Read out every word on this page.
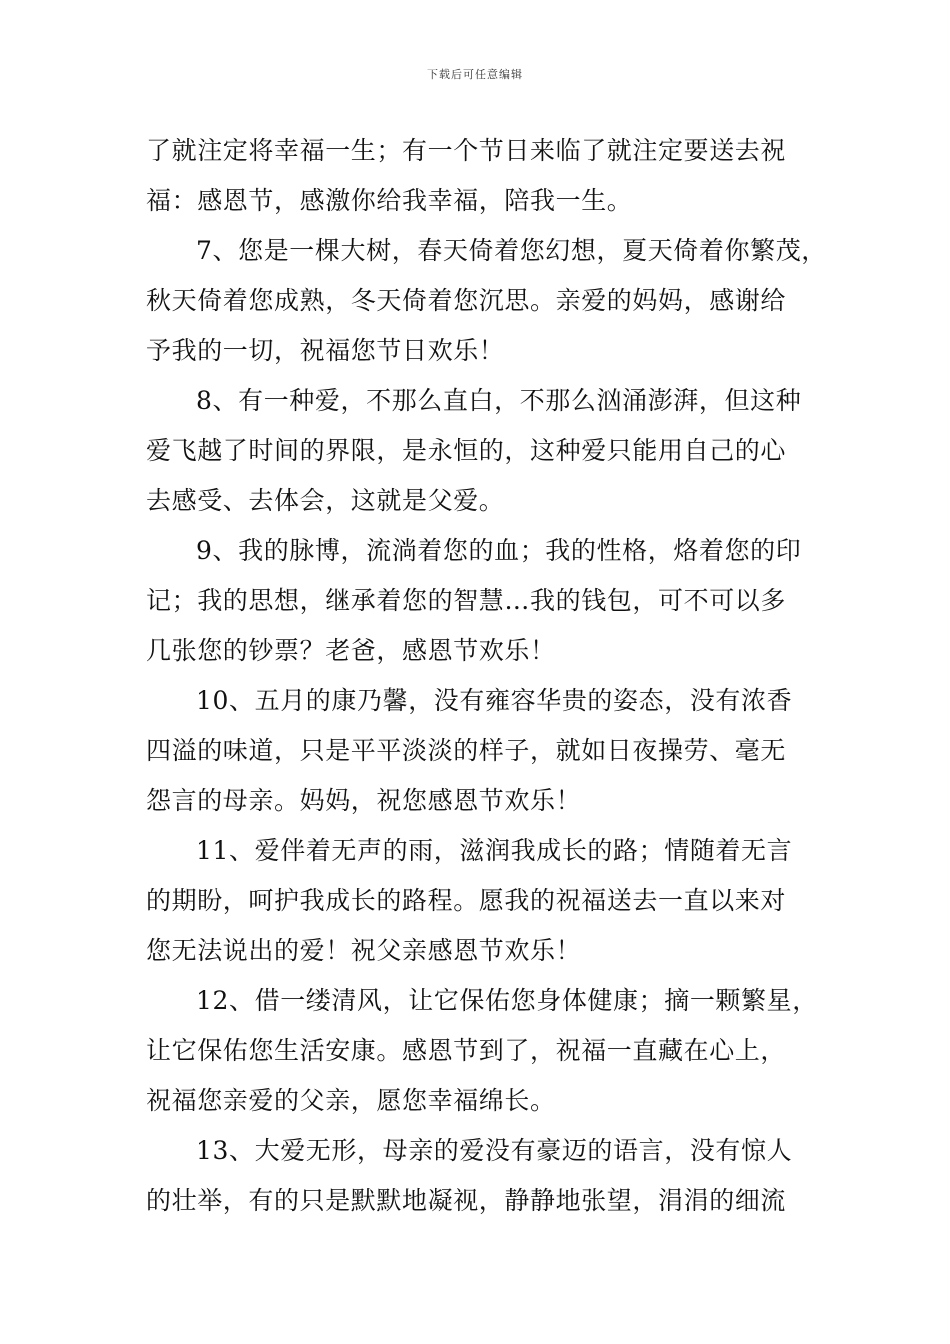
下载后可任意编辑
了就注定将幸福一生；有一个节日来临了就注定要送去祝
福：感恩节，感激你给我幸福，陪我一生。
7、您是一棵大树，春天倚着您幻想，夏天倚着你繁茂，
秋天倚着您成熟，冬天倚着您沉思。亲爱的妈妈，感谢给
予我的一切，祝福您节日欢乐！
8、有一种爱，不那么直白，不那么汹涌澎湃，但这种
爱飞越了时间的界限，是永恒的，这种爱只能用自己的心
去感受、去体会，这就是父爱。
9、我的脉博，流淌着您的血；我的性格，烙着您的印
记；我的思想，继承着您的智慧…我的钱包，可不可以多
几张您的钞票？老爸，感恩节欢乐！
10、五月的康乃馨，没有雍容华贵的姿态，没有浓香
四溢的味道，只是平平淡淡的样子，就如日夜操劳、毫无
怨言的母亲。妈妈，祝您感恩节欢乐！
11、爱伴着无声的雨，滋润我成长的路；情随着无言
的期盼，呵护我成长的路程。愿我的祝福送去一直以来对
您无法说出的爱！祝父亲感恩节欢乐！
12、借一缕清风，让它保佑您身体健康；摘一颗繁星，
让它保佑您生活安康。感恩节到了，祝福一直藏在心上，
祝福您亲爱的父亲，愿您幸福绵长。
13、大爱无形，母亲的爱没有豪迈的语言，没有惊人
的壮举，有的只是默默地凝视，静静地张望，涓涓的细流
